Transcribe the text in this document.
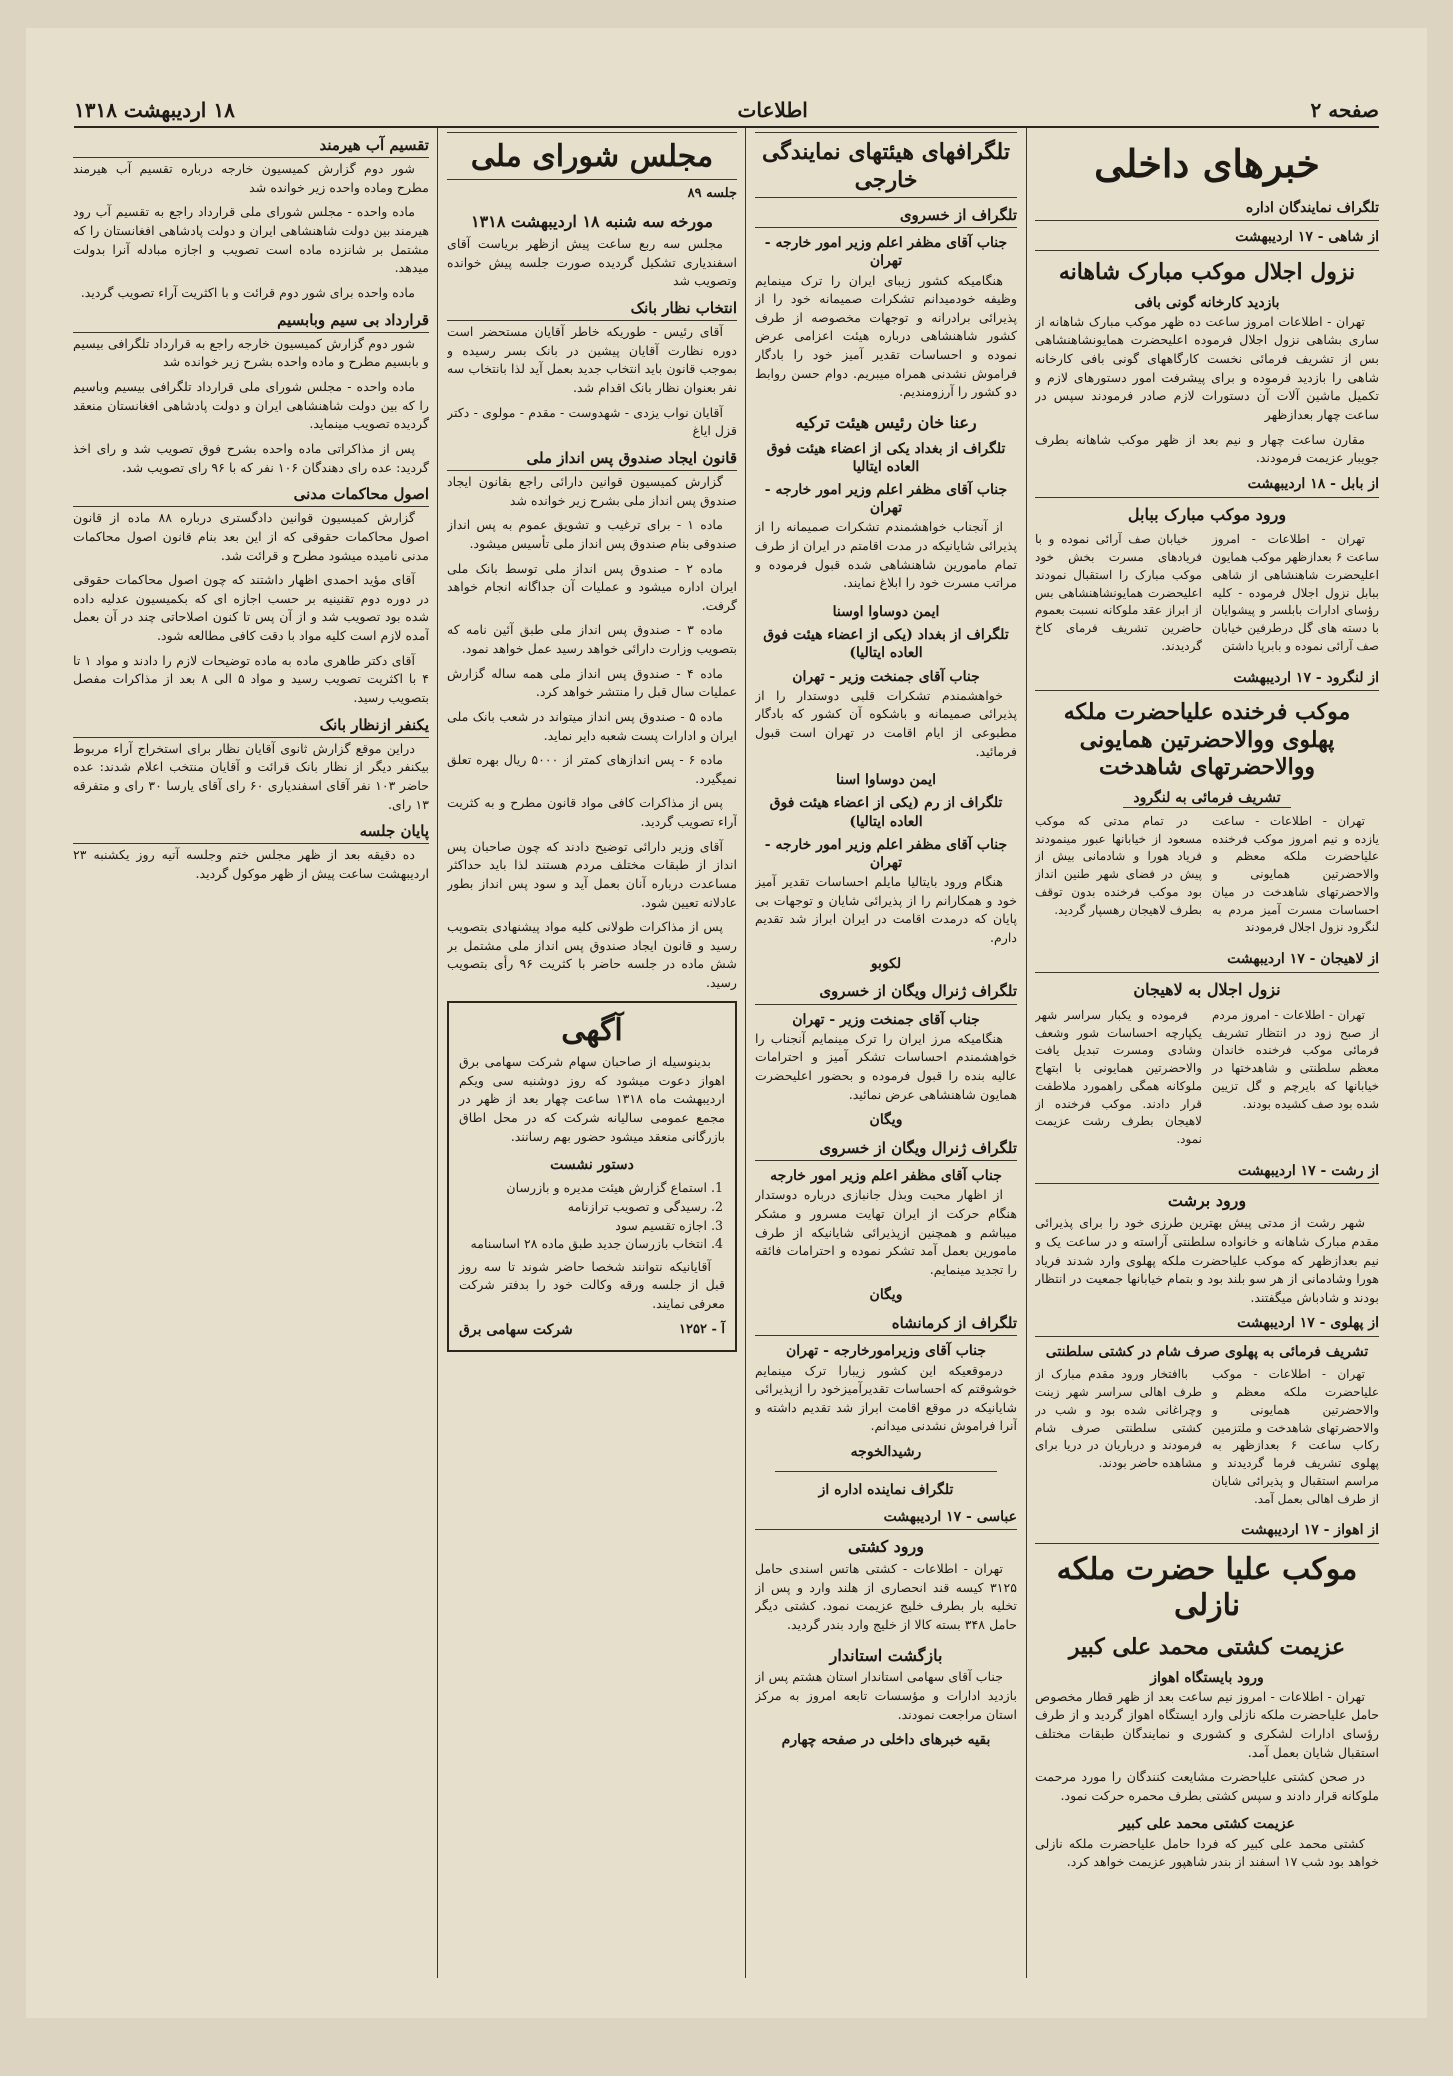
صفحه ۲
اطلاعات
۱۸ اردیبهشت ۱۳۱۸
خبرهای داخلی
تلگراف نمایندگان اداره
از شاهی - ۱۷ اردیبهشت
نزول اجلال موکب مبارک شاهانه
بازدید کارخانه گونی بافی

تهران - اطلاعات امروز ساعت ده ظهر موکب مبارک شاهانه از ساری بشاهی نزول اجلال فرموده اعلیحضرت همایونشاهنشاهی بس از تشریف فرمائی نخست کارگاههای گونی بافی کارخانه شاهی را بازدید فرموده و برای پیشرفت امور دستورهای لازم و تکمیل ماشین آلات آن دستورات لازم صادر فرمودند سپس در ساعت چهار بعدازظهر

مقارن ساعت چهار و نیم بعد از ظهر موکب شاهانه بطرف جویبار عزیمت فرمودند.

از بابل - ۱۸ اردیبهشت
ورود موکب مبارک ببابل

تهران - اطلاعات - امروز ساعت ۶ بعدازظهر موکب همایون اعلیحضرت شاهنشاهی از شاهی ببابل نزول اجلال فرموده - کلیه رؤسای ادارات بابلسر و پیشوایان با دسته های گل درطرفین خیابان صف آرائی نموده و بابرپا داشتن

خیابان صف آرائی نموده و با فریادهای مسرت بخش خود موکب مبارک را استقبال نمودند اعلیحضرت همایونشاهنشاهی بس از ابراز عقد ملوکانه نسبت بعموم حاضرین تشریف فرمای کاخ گردیدند.

از لنگرود - ۱۷ اردیبهشت
موکب فرخنده علیاحضرت ملکه پهلوی ووالاحضرتین همایونی ووالاحضرتهای شاهدخت
تشریف فرمائی به لنگرود

تهران - اطلاعات - ساعت یازده و نیم امروز موکب فرخنده علیاحضرت ملکه معظم و والاحضرتین همایونی و والاحضرتهای شاهدخت در میان احساسات مسرت آمیز مردم به لنگرود نزول اجلال فرمودند

در تمام مدتی که موکب مسعود از خیابانها عبور مینمودند فریاد هورا و شادمانی بیش از پیش در فضای شهر طنین انداز بود موکب فرخنده بدون توقف بطرف لاهیجان رهسپار گردید.

از لاهیجان - ۱۷ اردیبهشت
نزول اجلال به لاهیجان

تهران - اطلاعات - امروز مردم از صبح زود در انتظار تشریف فرمائی موکب فرخنده خاندان معظم سلطنتی و شاهدختها در خیابانها که بایرچم و گل تزیین شده بود صف کشیده بودند.

فرموده و یکبار سراسر شهر یکپارچه احساسات شور وشعف وشادی ومسرت تبدیل یافت والاحضرتین همایونی با ابتهاج ملوکانه همگی راهمورد ملاطفت قرار دادند. موکب فرخنده از لاهیجان بطرف رشت عزیمت نمود.

از رشت - ۱۷ اردیبهشت
ورود برشت

شهر رشت از مدتی پیش بهترین طرزی خود را برای پذیرائی مقدم مبارک شاهانه و خانواده سلطنتی آراسته و در ساعت یک و نیم بعدازظهر که موکب علیاحضرت ملکه پهلوی وارد شدند فریاد هورا وشادمانی از هر سو بلند بود و بتمام خیابانها جمعیت در انتظار بودند و شادباش میگفتند.

از پهلوی - ۱۷ اردیبهشت
تشریف فرمائی به پهلوی صرف شام در کشتی سلطنتی

تهران - اطلاعات - موکب علیاحضرت ملکه معظم و والاحضرتین همایونی و والاحضرتهای شاهدخت و ملتزمین رکاب ساعت ۶ بعدازظهر به پهلوی تشریف فرما گردیدند و مراسم استقبال و پذیرائی شایان از طرف اهالی بعمل آمد.

باافتخار ورود مقدم مبارک از طرف اهالی سراسر شهر زینت وچراغانی شده بود و شب در کشتی سلطنتی صرف شام فرمودند و درباریان در دریا برای مشاهده حاضر بودند.

از اهواز - ۱۷ اردیبهشت
موکب علیا حضرت ملکه نازلی
عزیمت کشتی محمد علی کبیر
ورود بایستگاه اهواز

تهران - اطلاعات - امروز نیم ساعت بعد از ظهر قطار مخصوص حامل علیاحضرت ملکه نازلی وارد ایستگاه اهواز گردید و از طرف رؤسای ادارات لشکری و کشوری و نمایندگان طبقات مختلف استقبال شایان بعمل آمد.

در صحن کشتی علیاحضرت مشایعت کنندگان را مورد مرحمت ملوکانه قرار دادند و سپس کشتی بطرف محمره حرکت نمود.

عزیمت کشتی محمد علی کبیر

کشتی محمد علی کبیر که فردا حامل علیاحضرت ملکه نازلی خواهد بود شب ۱۷ اسفند از بندر شاهپور عزیمت خواهد کرد.

تلگرافهای هیئتهای نمایندگی خارجی
تلگراف از خسروی
جناب آقای مظفر اعلم وزیر امور خارجه - تهران

هنگامیکه کشور زیبای ایران را ترک مینمایم وظیفه خودمیدانم تشکرات صمیمانه خود را از پذیرائی برادرانه و توجهات مخصوصه از طرف کشور شاهنشاهی درباره هیئت اعزامی عرض نموده و احساسات تقدیر آمیز خود را بادگار فراموش نشدنی همراه میبریم. دوام حسن روابط دو کشور را آرزومندیم.

رعنا خان رئیس هیئت ترکیه
تلگراف از بغداد یکی از اعضاء هیئت فوق العاده ایتالیا
جناب آقای مظفر اعلم وزیر امور خارجه - تهران

از آنجناب خواهشمندم تشکرات صمیمانه را از پذیرائی شایانیکه در مدت اقامتم در ایران از طرف تمام مامورین شاهنشاهی شده قبول فرموده و مراتب مسرت خود را ابلاغ نمایند.

ایمن دوساوا اوسنا
تلگراف از بغداد (یکی از اعضاء هیئت فوق العاده ایتالیا)
جناب آقای جمنخت وزیر - تهران

خواهشمندم تشکرات قلبی دوستدار را از پذیرائی صمیمانه و باشکوه آن کشور که بادگار مطبوعی از ایام اقامت در تهران است قبول فرمائید.

ایمن دوساوا اسنا
تلگراف از رم (یکی از اعضاء هیئت فوق العاده ایتالیا)
جناب آقای مظفر اعلم وزیر امور خارجه - تهران

هنگام ورود بایتالیا مایلم احساسات تقدیر آمیز خود و همکارانم را از پذیرائی شایان و توجهات بی پایان که درمدت اقامت در ایران ابراز شد تقدیم دارم.

لکوبو
تلگراف ژنرال ویگان از خسروی
جناب آقای جمنخت وزیر - تهران

هنگامیکه مرز ایران را ترک مینمایم آنجناب را خواهشمندم احساسات تشکر آمیز و احترامات عالیه بنده را قبول فرموده و بحضور اعلیحضرت همایون شاهنشاهی عرض نمائید.

ویگان
تلگراف ژنرال ویگان از خسروی
جناب آقای مظفر اعلم وزیر امور خارجه

از اظهار محبت وبذل جانبازی درباره دوستدار هنگام حرکت از ایران تهایت مسرور و مشکر میباشم و همچنین ازپذیرائی شایانیکه از طرف مامورین بعمل آمد تشکر نموده و احترامات فائقه را تجدید مینمایم.

ویگان
تلگراف از کرمانشاه
جناب آقای وزیرامورخارجه - تهران

درموقعیکه این کشور زیبارا ترک مینمایم خوشوقتم که احساسات تقدیرآمیزخود را ازپذیرائی شایانیکه در موقع اقامت ابراز شد تقدیم داشته و آنرا فراموش نشدنی میدانم.

رشیدالخوجه
تلگراف نماینده اداره از
عباسی - ۱۷ اردیبهشت
ورود کشتی

تهران - اطلاعات - کشتی هاتس اسندی حامل ۳۱۲۵ کیسه قند انحصاری از هلند وارد و پس از تخلیه بار بطرف خلیج عزیمت نمود. کشتی دیگر حامل ۳۴۸ بسته کالا از خلیج وارد بندر گردید.

بازگشت استاندار

جناب آقای سهامی استاندار استان هشتم پس از بازدید ادارات و مؤسسات تابعه امروز به مرکز استان مراجعت نمودند.

بقیه خبرهای داخلی در صفحه چهارم
مجلس شورای ملی
جلسه ۸۹
مورخه سه شنبه ۱۸ اردیبهشت ۱۳۱۸

مجلس سه ربع ساعت پیش ازظهر بریاست آقای اسفندیاری تشکیل گردیده صورت جلسه پیش خوانده وتصویب شد

انتخاب نظار بانک

آقای رئیس - طوریکه خاطر آقایان مستحضر است دوره نظارت آقایان پیشین در بانک بسر رسیده و بموجب قانون باید انتخاب جدید بعمل آید لذا بانتخاب سه نفر بعنوان نظار بانک اقدام شد.

آقایان نواب یزدی - شهدوست - مقدم - مولوی - دکتر قزل ایاغ

قانون ایجاد صندوق پس انداز ملی

گزارش کمیسیون قوانین دارائی راجع بقانون ایجاد صندوق پس انداز ملی بشرح زیر خوانده شد

ماده ۱ - برای ترغیب و تشویق عموم به پس انداز صندوقی بنام صندوق پس انداز ملی تأسیس میشود.

ماده ۲ - صندوق پس انداز ملی توسط بانک ملی ایران اداره میشود و عملیات آن جداگانه انجام خواهد گرفت.

ماده ۳ - صندوق پس انداز ملی طبق آئین نامه که بتصویب وزارت دارائی خواهد رسید عمل خواهد نمود.

ماده ۴ - صندوق پس انداز ملی همه ساله گزارش عملیات سال قبل را منتشر خواهد کرد.

ماده ۵ - صندوق پس انداز میتواند در شعب بانک ملی ایران و ادارات پست شعبه دایر نماید.

ماده ۶ - پس اندازهای کمتر از ۵۰۰۰ ریال بهره تعلق نمیگیرد.

پس از مذاکرات کافی مواد قانون مطرح و به کثریت آراء تصویب گردید.

آقای وزیر دارائی توضیح دادند که چون صاحبان پس انداز از طبقات مختلف مردم هستند لذا باید حداکثر مساعدت درباره آنان بعمل آید و سود پس انداز بطور عادلانه تعیین شود.

پس از مذاکرات طولانی کلیه مواد پیشنهادی بتصویب رسید و قانون ایجاد صندوق پس انداز ملی مشتمل بر شش ماده در جلسه حاضر با کثریت ۹۶ رأی بتصویب رسید.

آگهی

بدینوسیله از صاحبان سهام شرکت سهامی برق اهواز دعوت میشود که روز دوشنبه سی ویکم اردیبهشت ماه ۱۳۱۸ ساعت چهار بعد از ظهر در مجمع عمومی سالیانه شرکت که در محل اطاق بازرگانی منعقد میشود حضور بهم رسانند.

دستور نشست
1. استماع گزارش هیئت مدیره و بازرسان
2. رسیدگی و تصویب ترازنامه
3. اجازه تقسیم سود
4. انتخاب بازرسان جدید طبق ماده ۲۸ اساسنامه

آقایانیکه نتوانند شخصا حاضر شوند تا سه روز قبل از جلسه ورقه وکالت خود را بدفتر شرکت معرفی نمایند.

آ - ۱۲۵۲
شرکت سهامی برق
تقسیم آب هیرمند

شور دوم گزارش کمیسیون خارجه درباره تقسیم آب هیرمند مطرح وماده واحده زیر خوانده شد

ماده واحده - مجلس شورای ملی قرارداد راجع به تقسیم آب رود هیرمند بین دولت شاهنشاهی ایران و دولت پادشاهی افغانستان را که مشتمل بر شانزده ماده است تصویب و اجازه مبادله آنرا بدولت میدهد.

ماده واحده براى شور دوم قرائت و با اکثریت آراء تصویب گردید.

قرارداد بی سیم وبابسیم

شور دوم گزارش کمیسیون خارجه راجع به قرارداد تلگرافی بیسیم و بابسیم مطرح و ماده واحده بشرح زیر خوانده شد

ماده واحده - مجلس شورای ملی قرارداد تلگرافی بیسیم وباسیم را که بین دولت شاهنشاهی ایران و دولت پادشاهی افغانستان منعقد گردیده تصویب مینماید.

پس از مذاکراتی ماده واحده بشرح فوق تصویب شد و رای اخذ گردید: عده رای دهندگان ۱۰۶ نفر که با ۹۶ رای تصویب شد.

اصول محاکمات مدنی

گزارش کمیسیون قوانین دادگستری درباره ۸۸ ماده از قانون اصول محاکمات حقوقی که از این بعد بنام قانون اصول محاکمات مدنی نامیده میشود مطرح و قرائت شد.

آقای مؤید احمدی اظهار داشتند که چون اصول محاکمات حقوقی در دوره دوم تقنینیه بر حسب اجازه ای که بکمیسیون عدلیه داده شده بود تصویب شد و از آن پس تا کنون اصلاحاتی چند در آن بعمل آمده لازم است کلیه مواد با دقت کافی مطالعه شود.

آقای دکتر طاهری ماده به ماده توضیحات لازم را دادند و مواد ۱ تا ۴ با اکثریت تصویب رسید و مواد ۵ الی ۸ بعد از مذاکرات مفصل بتصویب رسید.

یکنفر ازنظار بانک

دراین موقع گزارش ثانوی آقایان نظار برای استخراج آراء مربوط بیکنفر دیگر از نظار بانک قرائت و آقایان منتخب اعلام شدند: عده حاضر ۱۰۳ نفر آقای اسفندیاری ۶۰ رای آقای یارسا ۳۰ رای و متفرقه ۱۳ رای.

پایان جلسه

ده دقیقه بعد از ظهر مجلس ختم وجلسه آتیه روز یکشنبه ۲۳ اردیبهشت ساعت پیش از ظهر موکول گردید.
